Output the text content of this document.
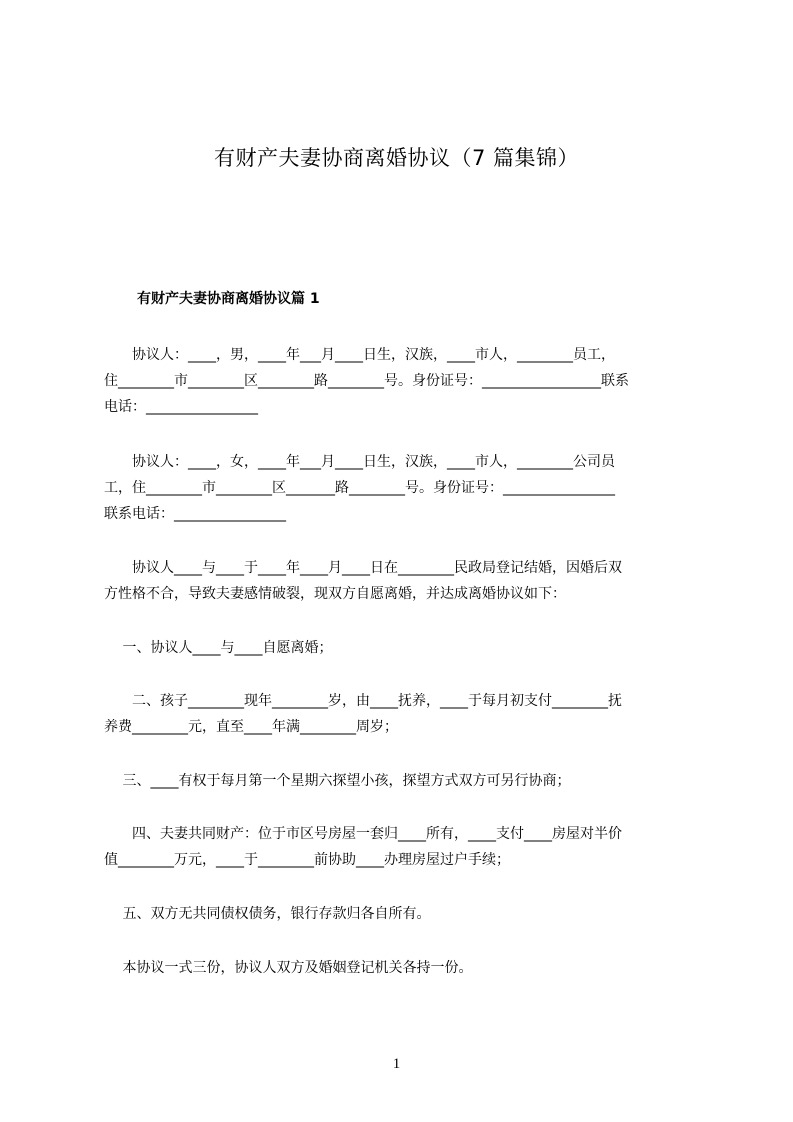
有财产夫妻协商离婚协议（7 篇集锦）
有财产夫妻协商离婚协议篇 1
　　协议人：____，男，____年___月____日生，汉族，____市人，________员工，
住________市________区________路________号。身份证号：_________________联系
电话：________________
　　协议人：____，女，____年___月____日生，汉族，____市人，________公司员
工，住________市________区_______路________号。身份证号：________________
联系电话：________________
　　协议人____与____于____年____月____日在________民政局登记结婚，因婚后双
方性格不合，导致夫妻感情破裂，现双方自愿离婚，并达成离婚协议如下：
　 一、协议人____与____自愿离婚；
　　二、孩子________现年________岁，由____抚养，____于每月初支付________抚
养费________元，直至____年满________周岁；
　 三、____有权于每月第一个星期六探望小孩，探望方式双方可另行协商；
　　四、夫妻共同财产：位于市区号房屋一套归____所有，____支付____房屋对半价
值________万元，____于________前协助____办理房屋过户手续；
　 五、双方无共同债权债务，银行存款归各自所有。
　 本协议一式三份，协议人双方及婚姻登记机关各持一份。
1
